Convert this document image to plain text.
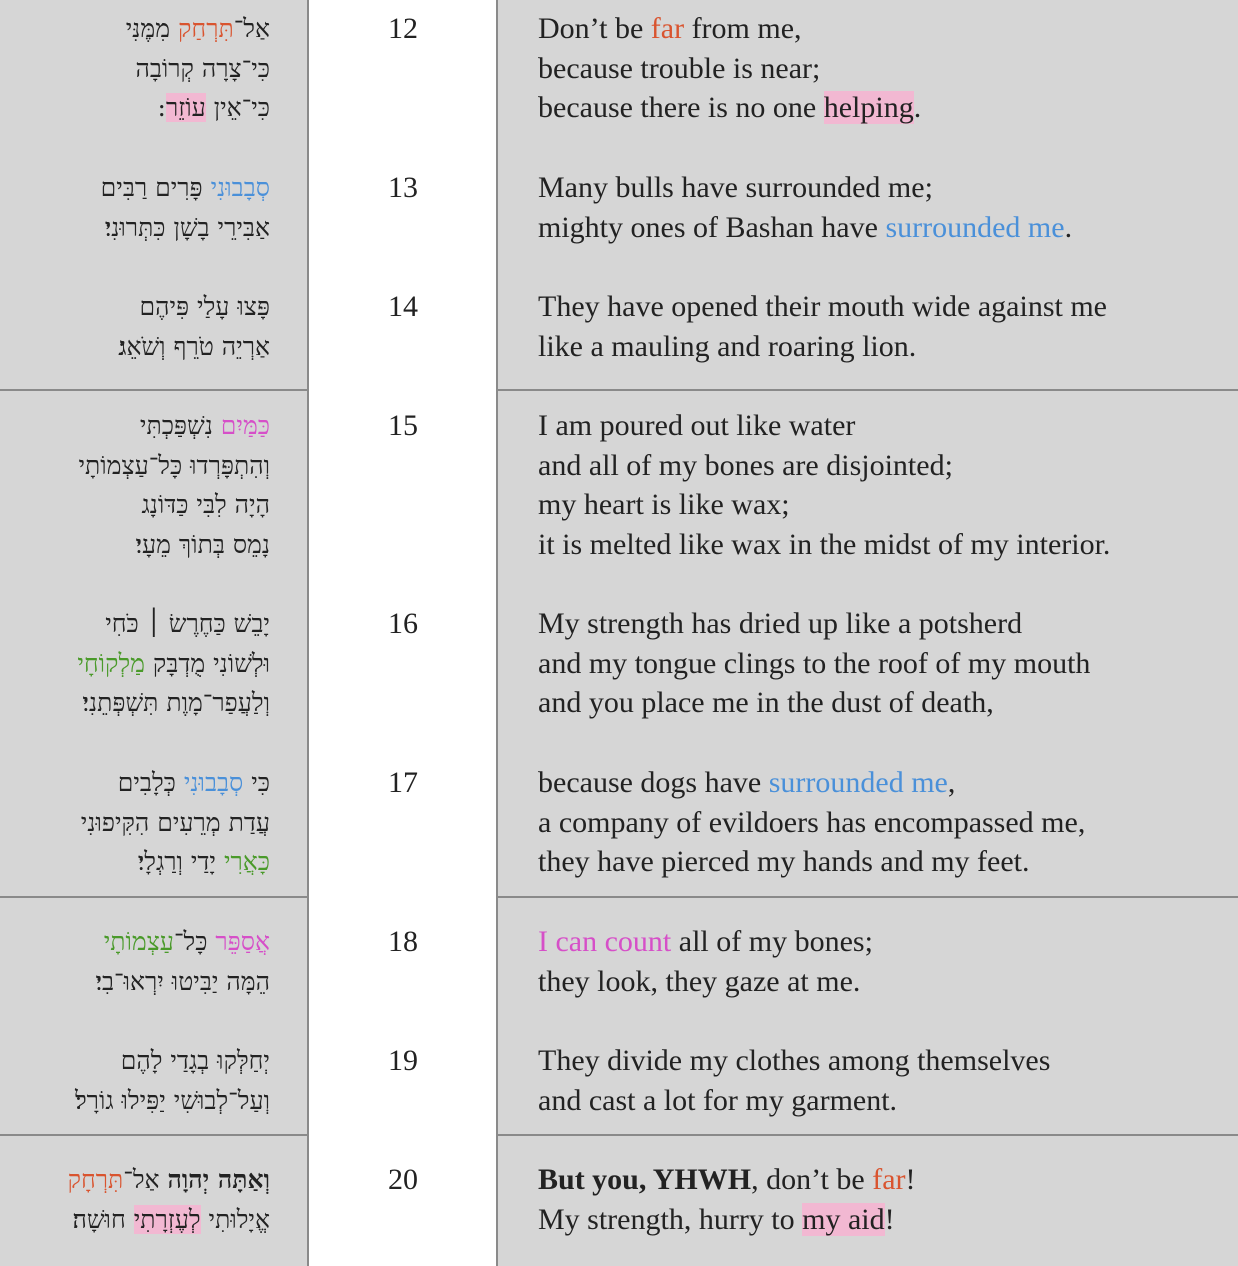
אַל־תִּרְחַק מִמֶּנִּי
כִּי־צָרָה קְרוֹבָה
כִּי־אֵין עוֹזֵר:
12	Don’t be far from me,
because trouble is near;
because there is no one helping.
סְבָבוּנִי פָּרִים רַבִּים
אַבִּירֵי בָשָׁן כִּתְּרוּנִי׃
13	Many bulls have surrounded me;
mighty ones of Bashan have surrounded me.
פָּצוּ עָלַי פִּיהֶם
אַרְיֵה טֹרֵף וְשֹׁאֵג׃
14	They have opened their mouth wide against me
like a mauling and roaring lion.
כַּמַּיִם נִשְׁפַּכְתִּי
וְהִתְפָּרְדוּ כָּל־עַצְמוֹתָי
הָיָה לִבִּי כַּדּוֹנָג
נָמֵס בְּתוֹךְ מֵעָי׃
15	I am poured out like water
and all of my bones are disjointed;
my heart is like wax;
it is melted like wax in the midst of my interior.
יָבֵשׁ כַּחֶרֶשׂ ׀ כֹּחִי
וּלְשׁוֹנִי מֻדְבָּק מַלְקוֹחָי
וְלַעֲפַר־מָוֶת תִּשְׁפְּתֵנִי׃
16	My strength has dried up like a potsherd
and my tongue clings to the roof of my mouth
and you place me in the dust of death,
כִּי סְבָבוּנִי כְּלָבִים
עֲדַת מְרֵעִים הִקִּיפוּנִי
כָּאֲרִי יָדַי וְרַגְלָי׃
17	because dogs have surrounded me,
a company of evildoers has encompassed me,
they have pierced my hands and my feet.
אֲסַפֵּר כָּל־עַצְמוֹתָי
הֵמָּה יַבִּיטוּ יִרְאוּ־בִי׃
18	I can count all of my bones;
they look, they gaze at me.
יְחַלְּקוּ בְגָדַי לָהֶם
וְעַל־לְבוּשִׁי יַפִּילוּ גוֹרָל׃
19	They divide my clothes among themselves
and cast a lot for my garment.
וְאַתָּה יְהוָה אַל־תִּרְחָק
אֱיָלוּתִי לְעֶזְרָתִי חוּשָׁה׃
20	But you, YHWH, don’t be far!
My strength, hurry to my aid!
